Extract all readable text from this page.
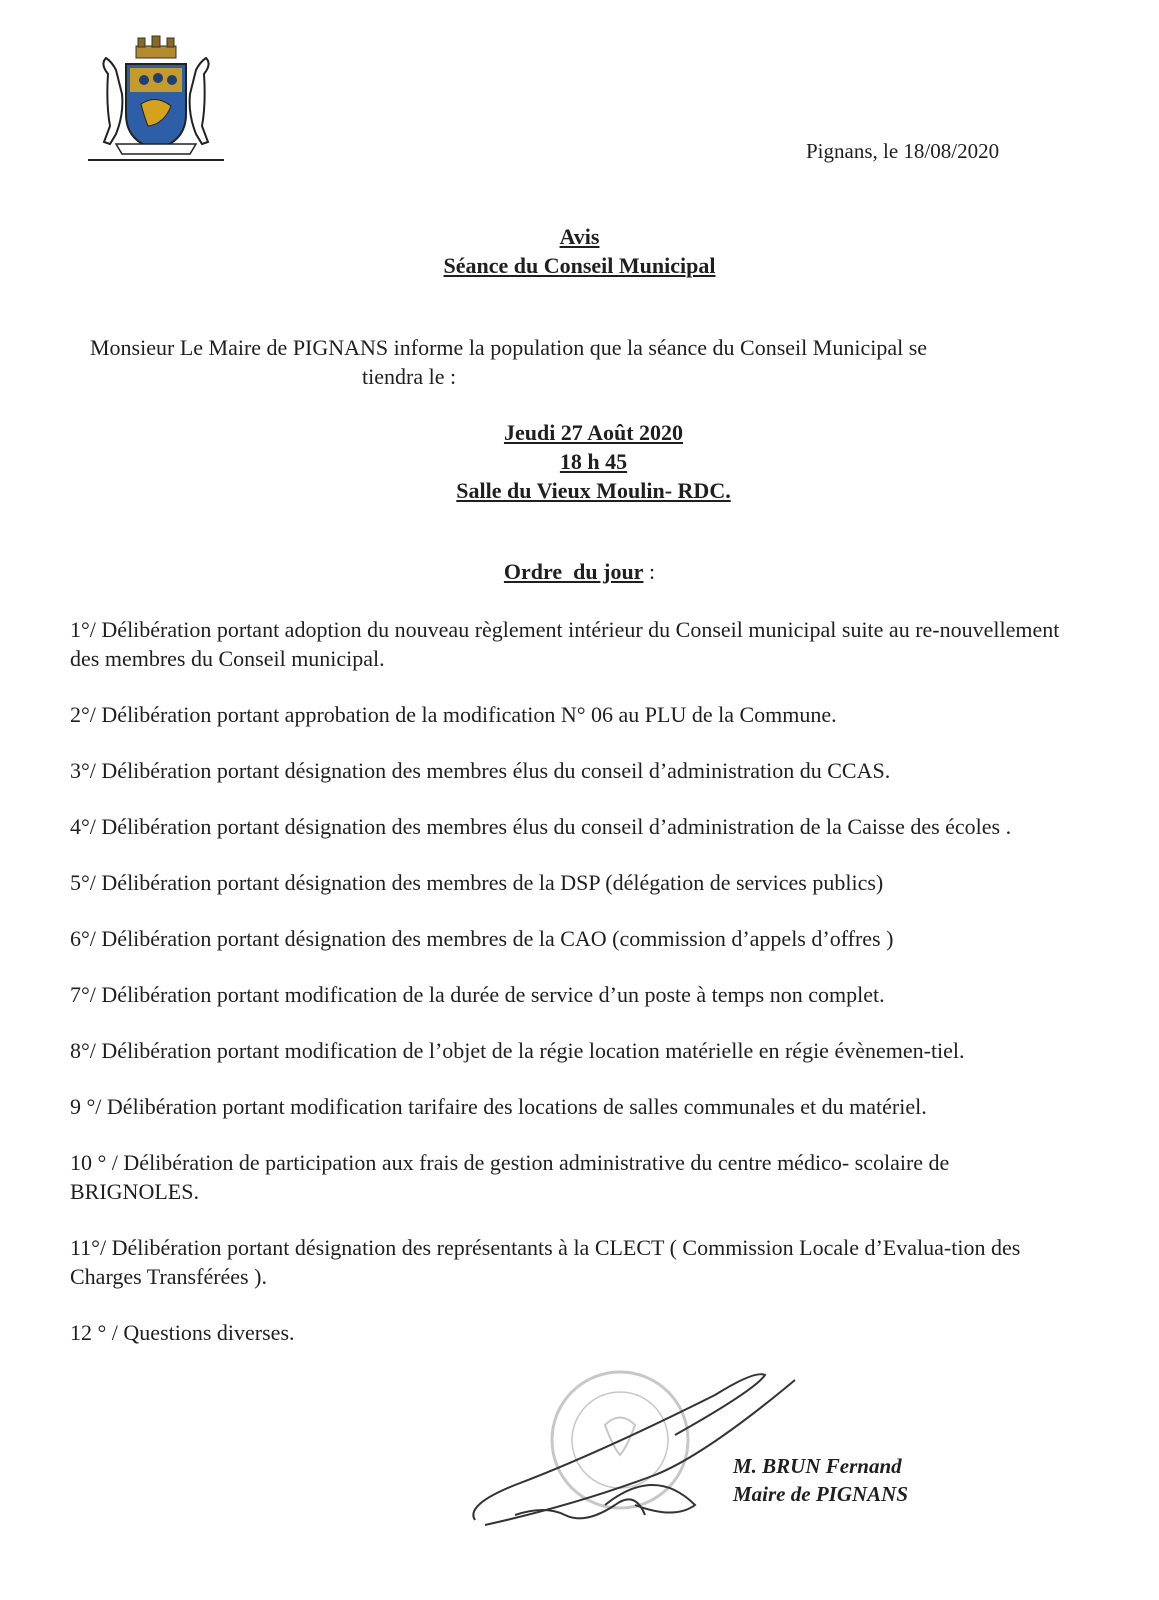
Pignans, le 18/08/2020
Avis
Séance du Conseil Municipal
Monsieur Le Maire de PIGNANS informe la population que la séance du Conseil Municipal se
tiendra le :
Jeudi 27 Août 2020
18 h 45
Salle du Vieux Moulin- RDC.
Ordre  du jour :
1°/ Délibération portant adoption du nouveau règlement intérieur du Conseil municipal suite au re-nouvellement des membres du Conseil municipal.
2°/ Délibération portant approbation de la modification N° 06 au PLU de la Commune.
3°/ Délibération portant désignation des membres élus du conseil d’administration du CCAS.
4°/ Délibération portant désignation des membres élus du conseil d’administration de la Caisse des écoles .
5°/ Délibération portant désignation des membres de la DSP (délégation de services publics)
6°/ Délibération portant désignation des membres de la CAO (commission d’appels d’offres )
7°/ Délibération portant modification de la durée de service d’un poste à temps non complet.
8°/ Délibération portant modification de l’objet de la régie location matérielle en régie évènemen-tiel.
9 °/ Délibération portant modification tarifaire des locations de salles communales et du matériel.
10 ° / Délibération de participation aux frais de gestion administrative du centre médico- scolaire de BRIGNOLES.
11°/ Délibération portant désignation des représentants à la CLECT ( Commission Locale d’Evalua-tion des Charges Transférées ).
12 ° / Questions diverses.
M. BRUN Fernand
Maire de PIGNANS
